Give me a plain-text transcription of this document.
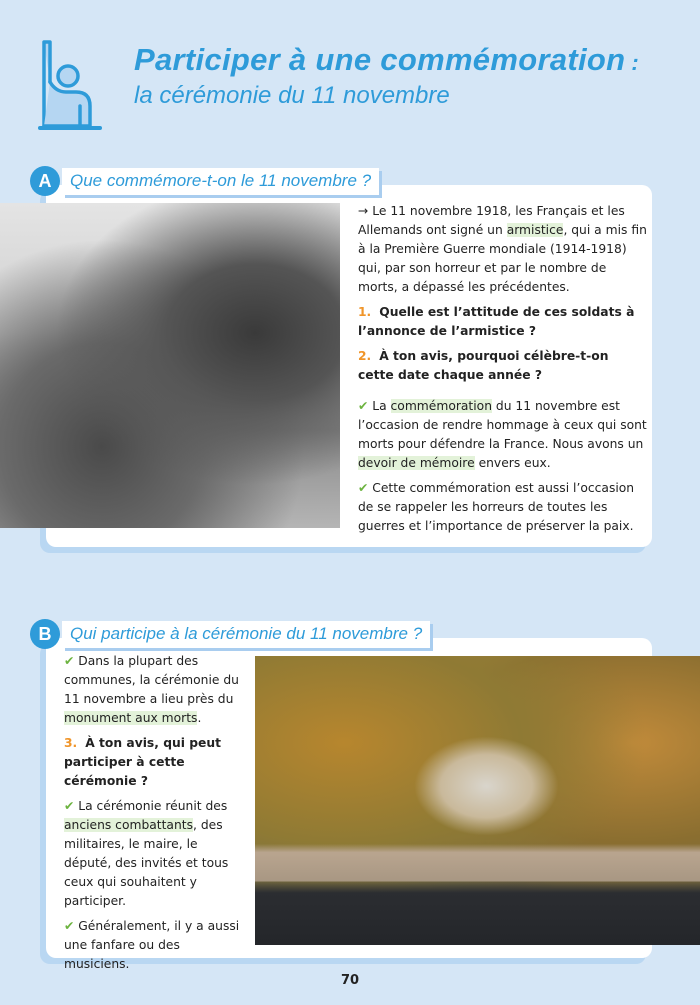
Participer à une commémoration :
la cérémonie du 11 novembre
Que commémore-t-on le 11 novembre ?
A

→ Le 11 novembre 1918, les Français et les Allemands ont signé un armistice, qui a mis fin à la Première Guerre mondiale (1914-1918) qui, par son horreur et par le nombre de morts, a dépassé les précédentes.

1. Quelle est l’attitude de ces soldats à l’annonce de l’armistice ?

2. À ton avis, pourquoi célèbre-t-on cette date chaque année ?

✔ La commémoration du 11 novembre est l’occasion de rendre hommage à ceux qui sont morts pour défendre la France. Nous avons un devoir de mémoire envers eux.

✔ Cette commémoration est aussi l’occasion de se rappeler les horreurs de toutes les guerres et l’importance de préserver la paix.

Qui participe à la cérémonie du 11 novembre ?
B

✔ Dans la plupart des communes, la cérémonie du 11 novembre a lieu près du monument aux morts.

3. À ton avis, qui peut participer à cette cérémonie ?

✔ La cérémonie réunit des anciens combattants, des militaires, le maire, le député, des invités et tous ceux qui souhaitent y participer.

✔ Généralement, il y a aussi une fanfare ou des musiciens.

70
